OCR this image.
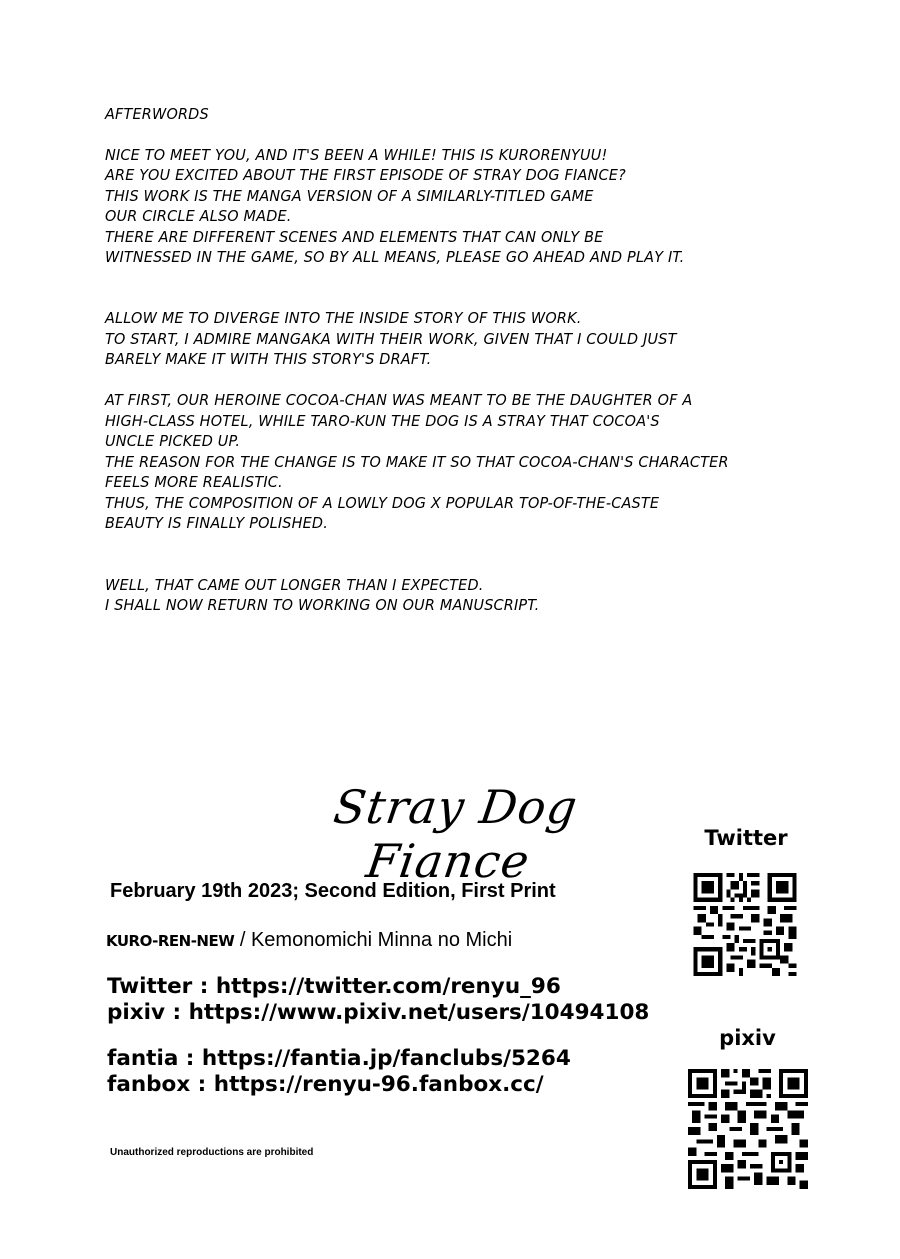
AFTERWORDS

NICE TO MEET YOU, AND IT'S BEEN A WHILE! THIS IS KURORENYUU!
ARE YOU EXCITED ABOUT THE FIRST EPISODE OF STRAY DOG FIANCE?
THIS WORK IS THE MANGA VERSION OF A SIMILARLY-TITLED GAME
OUR CIRCLE ALSO MADE.
THERE ARE DIFFERENT SCENES AND ELEMENTS THAT CAN ONLY BE
WITNESSED IN THE GAME, SO BY ALL MEANS, PLEASE GO AHEAD AND PLAY IT.
ALLOW ME TO DIVERGE INTO THE INSIDE STORY OF THIS WORK.
TO START, I ADMIRE MANGAKA WITH THEIR WORK, GIVEN THAT I COULD JUST
BARELY MAKE IT WITH THIS STORY'S DRAFT.
AT FIRST, OUR HEROINE COCOA-CHAN WAS MEANT TO BE THE DAUGHTER OF A
HIGH-CLASS HOTEL, WHILE TARO-KUN THE DOG IS A STRAY THAT COCOA'S
UNCLE PICKED UP.
THE REASON FOR THE CHANGE IS TO MAKE IT SO THAT COCOA-CHAN'S CHARACTER
FEELS MORE REALISTIC.
THUS, THE COMPOSITION OF A LOWLY DOG X POPULAR TOP-OF-THE-CASTE
BEAUTY IS FINALLY POLISHED.
WELL, THAT CAME OUT LONGER THAN I EXPECTED.
I SHALL NOW RETURN TO WORKING ON OUR MANUSCRIPT.
Stray Dog Fiance
February 19th 2023; Second Edition, First Print
KURO-REN-NEW / Kemonomichi Minna no Michi
Twitter : https://twitter.com/renyu_96
pixiv : https://www.pixiv.net/users/10494108
fantia : https://fantia.jp/fanclubs/5264
fanbox : https://renyu-96.fanbox.cc/
Unauthorized reproductions are prohibited
Twitter
pixiv
